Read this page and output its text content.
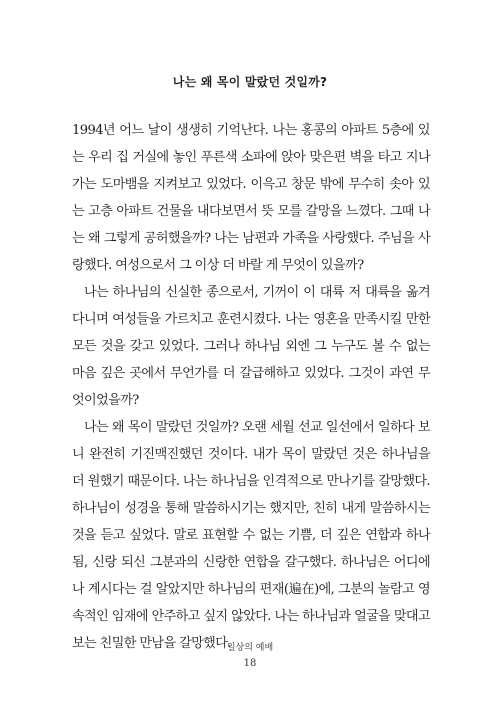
나는 왜 목이 말랐던 것일까?

1994년 어느 날이 생생히 기억난다. 나는 홍콩의 아파트 5층에 있는 우리 집 거실에 놓인 푸른색 소파에 앉아 맞은편 벽을 타고 지나가는 도마뱀을 지켜보고 있었다. 이윽고 창문 밖에 무수히 솟아 있는 고층 아파트 건물을 내다보면서 뜻 모를 갈망을 느꼈다. 그때 나는 왜 그렇게 공허했을까? 나는 남편과 가족을 사랑했다. 주님을 사랑했다. 여성으로서 그 이상 더 바랄 게 무엇이 있을까?

나는 하나님의 신실한 종으로서, 기꺼이 이 대륙 저 대륙을 옮겨 다니며 여성들을 가르치고 훈련시켰다. 나는 영혼을 만족시킬 만한 모든 것을 갖고 있었다. 그러나 하나님 외엔 그 누구도 볼 수 없는 마음 깊은 곳에서 무언가를 더 갈급해하고 있었다. 그것이 과연 무엇이었을까?

나는 왜 목이 말랐던 것일까? 오랜 세월 선교 일선에서 일하다 보니 완전히 기진맥진했던 것이다. 내가 목이 말랐던 것은 하나님을 더 원했기 때문이다. 나는 하나님을 인격적으로 만나기를 갈망했다. 하나님이 성경을 통해 말씀하시기는 했지만, 친히 내게 말씀하시는 것을 듣고 싶었다. 말로 표현할 수 없는 기쁨, 더 깊은 연합과 하나 됨, 신랑 되신 그분과의 신랑한 연합을 갈구했다. 하나님은 어디에나 계시다는 걸 알았지만 하나님의 편재(遍在)에, 그분의 놀람고 영속적인 임재에 안주하고 싶지 않았다. 나는 하나님과 얼굴을 맞대고 보는 친밀한 만남을 갈망했다.

일상의 예배
18
